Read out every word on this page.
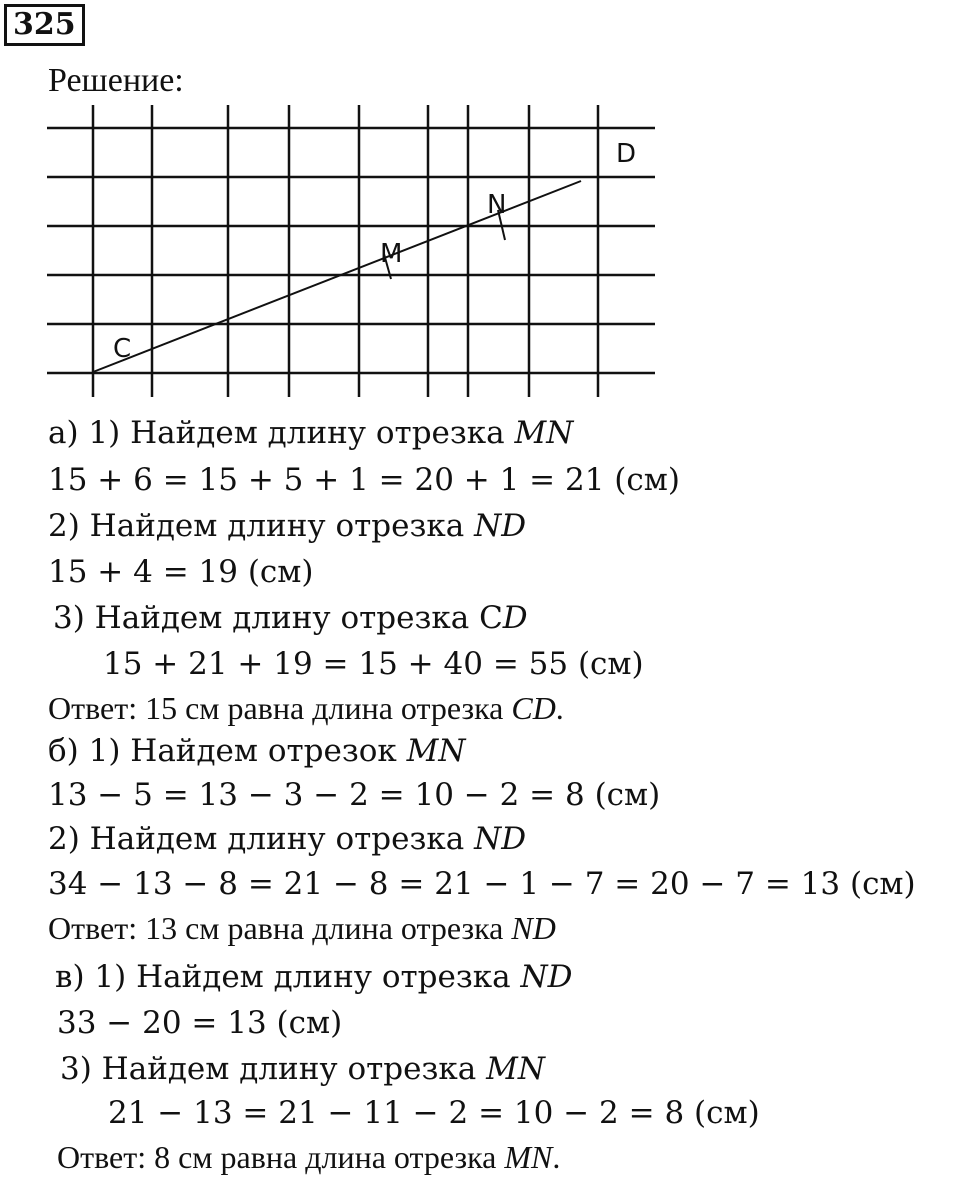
325
Решение:
C
M
N
D
а) 1) Найдем длину отрезка MN
15 + 6 = 15 + 5 + 1 = 20 + 1 = 21 (см)
2) Найдем длину отрезка ND
15 + 4 = 19 (см)
3) Найдем длину отрезка CD
15 + 21 + 19 = 15 + 40 = 55 (см)
Ответ: 15 см равна длина отрезка CD.
б) 1) Найдем отрезок MN
13 − 5 = 13 − 3 − 2 = 10 − 2 = 8 (см)
2) Найдем длину отрезка ND
34 − 13 − 8 = 21 − 8 = 21 − 1 − 7 = 20 − 7 = 13 (см)
Ответ: 13 см равна длина отрезка ND
в) 1) Найдем длину отрезка ND
33 − 20 = 13 (см)
3) Найдем длину отрезка MN
21 − 13 = 21 − 11 − 2 = 10 − 2 = 8 (см)
Ответ: 8 см равна длина отрезка MN.
